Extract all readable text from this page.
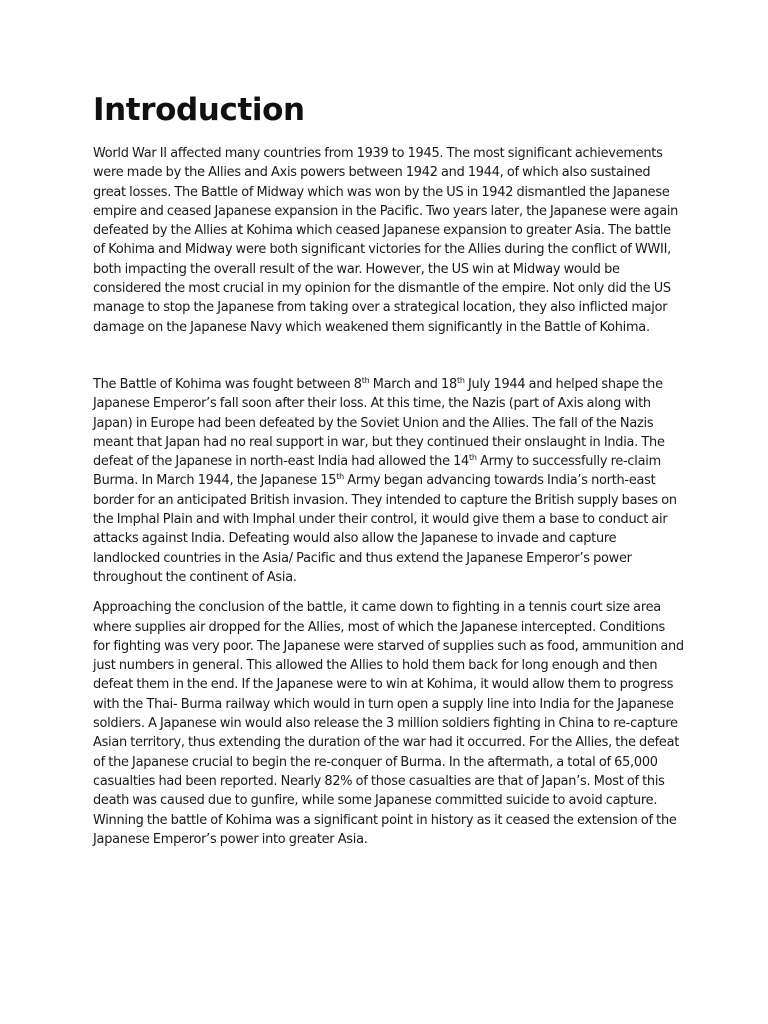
Introduction

World War II affected many countries from 1939 to 1945. The most significant achievements were made by the Allies and Axis powers between 1942 and 1944, of which also sustained great losses. The Battle of Midway which was won by the US in 1942 dismantled the Japanese empire and ceased Japanese expansion in the Pacific. Two years later, the Japanese were again defeated by the Allies at Kohima which ceased Japanese expansion to greater Asia. The battle of Kohima and Midway were both significant victories for the Allies during the conflict of WWII, both impacting the overall result of the war. However, the US win at Midway would be considered the most crucial in my opinion for the dismantle of the empire. Not only did the US manage to stop the Japanese from taking over a strategical location, they also inflicted major damage on the Japanese Navy which weakened them significantly in the Battle of Kohima.

The Battle of Kohima was fought between 8th March and 18th July 1944 and helped shape the Japanese Emperor’s fall soon after their loss. At this time, the Nazis (part of Axis along with Japan) in Europe had been defeated by the Soviet Union and the Allies. The fall of the Nazis meant that Japan had no real support in war, but they continued their onslaught in India. The defeat of the Japanese in north-east India had allowed the 14th Army to successfully re-claim Burma. In March 1944, the Japanese 15th Army began advancing towards India’s north-east border for an anticipated British invasion. They intended to capture the British supply bases on the Imphal Plain and with Imphal under their control, it would give them a base to conduct air attacks against India. Defeating would also allow the Japanese to invade and capture landlocked countries in the Asia/ Pacific and thus extend the Japanese Emperor’s power throughout the continent of Asia.

Approaching the conclusion of the battle, it came down to fighting in a tennis court size area where supplies air dropped for the Allies, most of which the Japanese intercepted. Conditions for fighting was very poor. The Japanese were starved of supplies such as food, ammunition and just numbers in general. This allowed the Allies to hold them back for long enough and then defeat them in the end. If the Japanese were to win at Kohima, it would allow them to progress with the Thai- Burma railway which would in turn open a supply line into India for the Japanese soldiers. A Japanese win would also release the 3 million soldiers fighting in China to re-capture Asian territory, thus extending the duration of the war had it occurred. For the Allies, the defeat of the Japanese crucial to begin the re-conquer of Burma. In the aftermath, a total of 65,000 casualties had been reported. Nearly 82% of those casualties are that of Japan’s. Most of this death was caused due to gunfire, while some Japanese committed suicide to avoid capture. Winning the battle of Kohima was a significant point in history as it ceased the extension of the Japanese Emperor’s power into greater Asia.
